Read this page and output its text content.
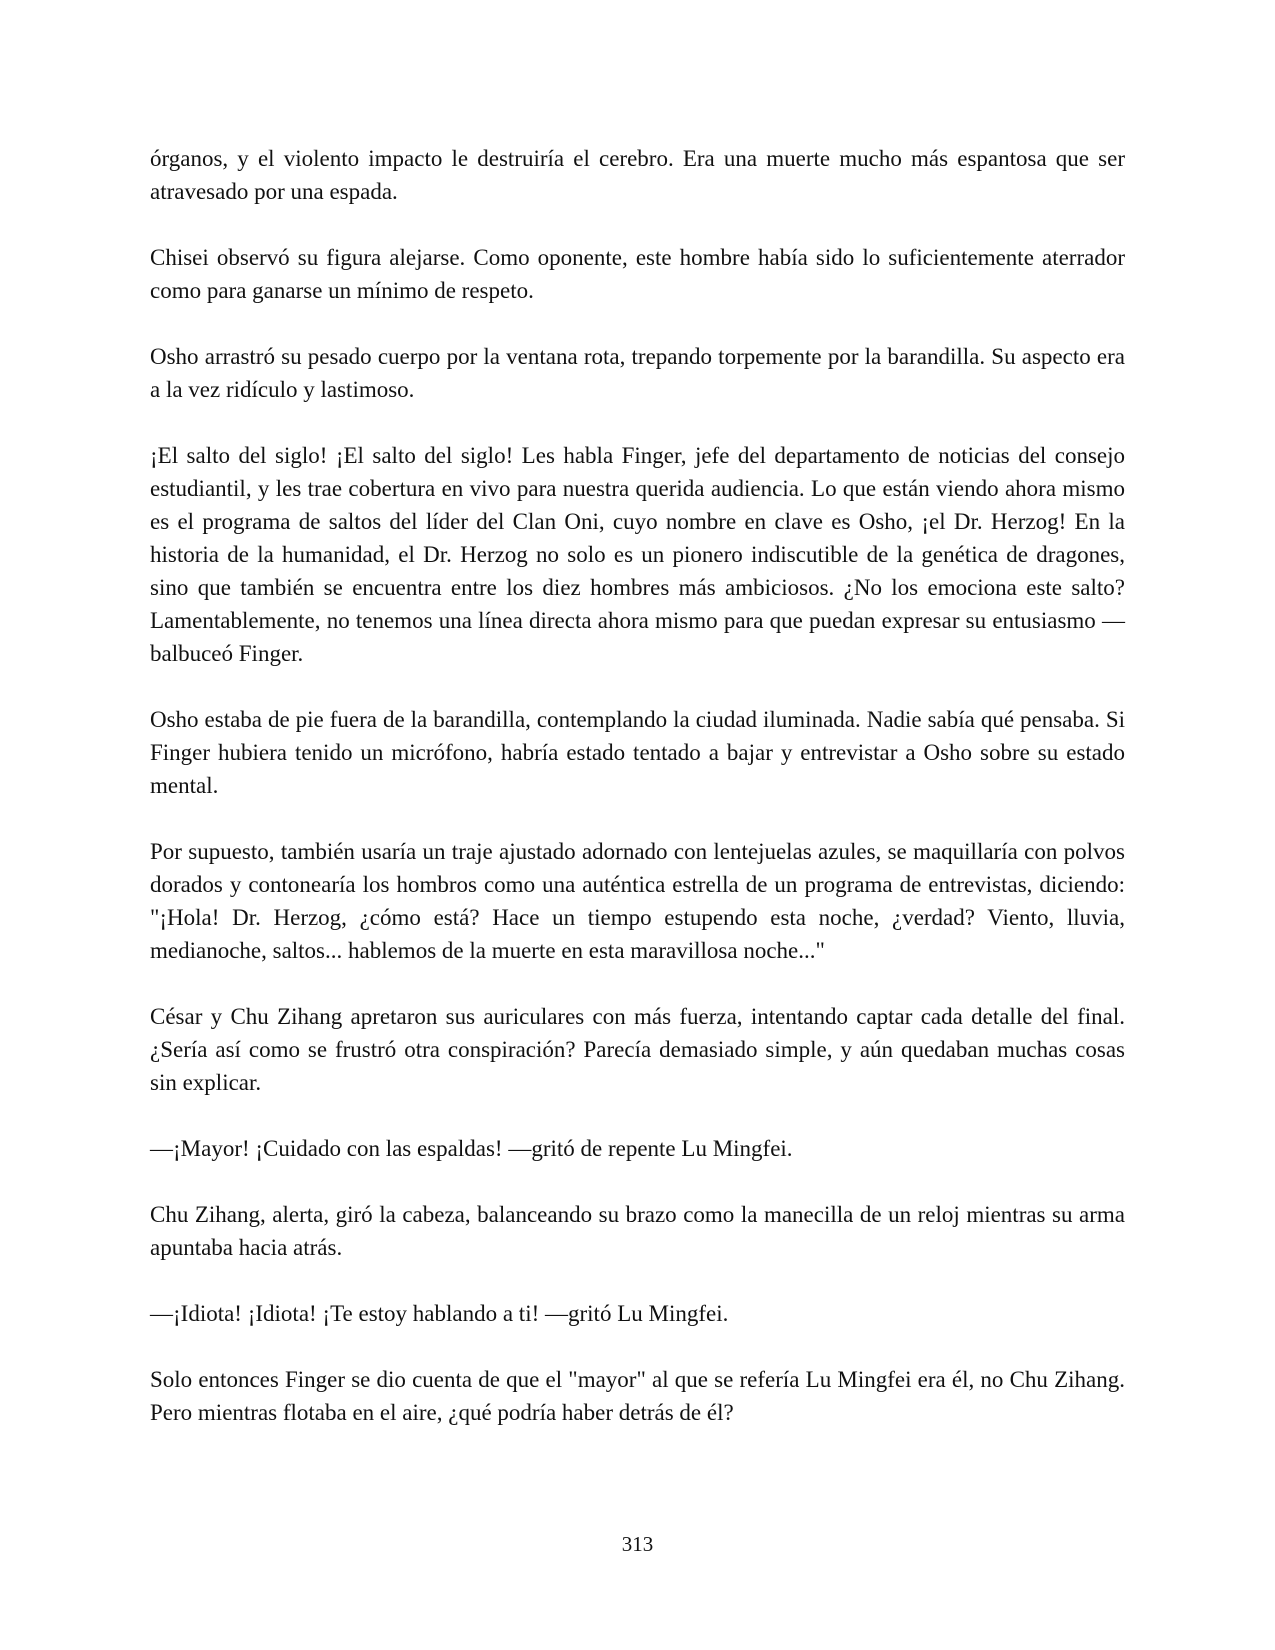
órganos, y el violento impacto le destruiría el cerebro. Era una muerte mucho más espantosa que ser atravesado por una espada.

Chisei observó su figura alejarse. Como oponente, este hombre había sido lo suficientemente aterrador como para ganarse un mínimo de respeto.

Osho arrastró su pesado cuerpo por la ventana rota, trepando torpemente por la barandilla. Su aspecto era a la vez ridículo y lastimoso.

¡El salto del siglo! ¡El salto del siglo! Les habla Finger, jefe del departamento de noticias del consejo estudiantil, y les trae cobertura en vivo para nuestra querida audiencia. Lo que están viendo ahora mismo es el programa de saltos del líder del Clan Oni, cuyo nombre en clave es Osho, ¡el Dr. Herzog! En la historia de la humanidad, el Dr. Herzog no solo es un pionero indiscutible de la genética de dragones, sino que también se encuentra entre los diez hombres más ambiciosos. ¿No los emociona este salto? Lamentablemente, no tenemos una línea directa ahora mismo para que puedan expresar su entusiasmo —balbuceó Finger.

Osho estaba de pie fuera de la barandilla, contemplando la ciudad iluminada. Nadie sabía qué pensaba. Si Finger hubiera tenido un micrófono, habría estado tentado a bajar y entrevistar a Osho sobre su estado mental.

Por supuesto, también usaría un traje ajustado adornado con lentejuelas azules, se maquillaría con polvos dorados y contonearía los hombros como una auténtica estrella de un programa de entrevistas, diciendo: "¡Hola! Dr. Herzog, ¿cómo está? Hace un tiempo estupendo esta noche, ¿verdad? Viento, lluvia, medianoche, saltos... hablemos de la muerte en esta maravillosa noche..."

César y Chu Zihang apretaron sus auriculares con más fuerza, intentando captar cada detalle del final. ¿Sería así como se frustró otra conspiración? Parecía demasiado simple, y aún quedaban muchas cosas sin explicar.

—¡Mayor! ¡Cuidado con las espaldas! —gritó de repente Lu Mingfei.

Chu Zihang, alerta, giró la cabeza, balanceando su brazo como la manecilla de un reloj mientras su arma apuntaba hacia atrás.

—¡Idiota! ¡Idiota! ¡Te estoy hablando a ti! —gritó Lu Mingfei.

Solo entonces Finger se dio cuenta de que el "mayor" al que se refería Lu Mingfei era él, no Chu Zihang. Pero mientras flotaba en el aire, ¿qué podría haber detrás de él?

313
